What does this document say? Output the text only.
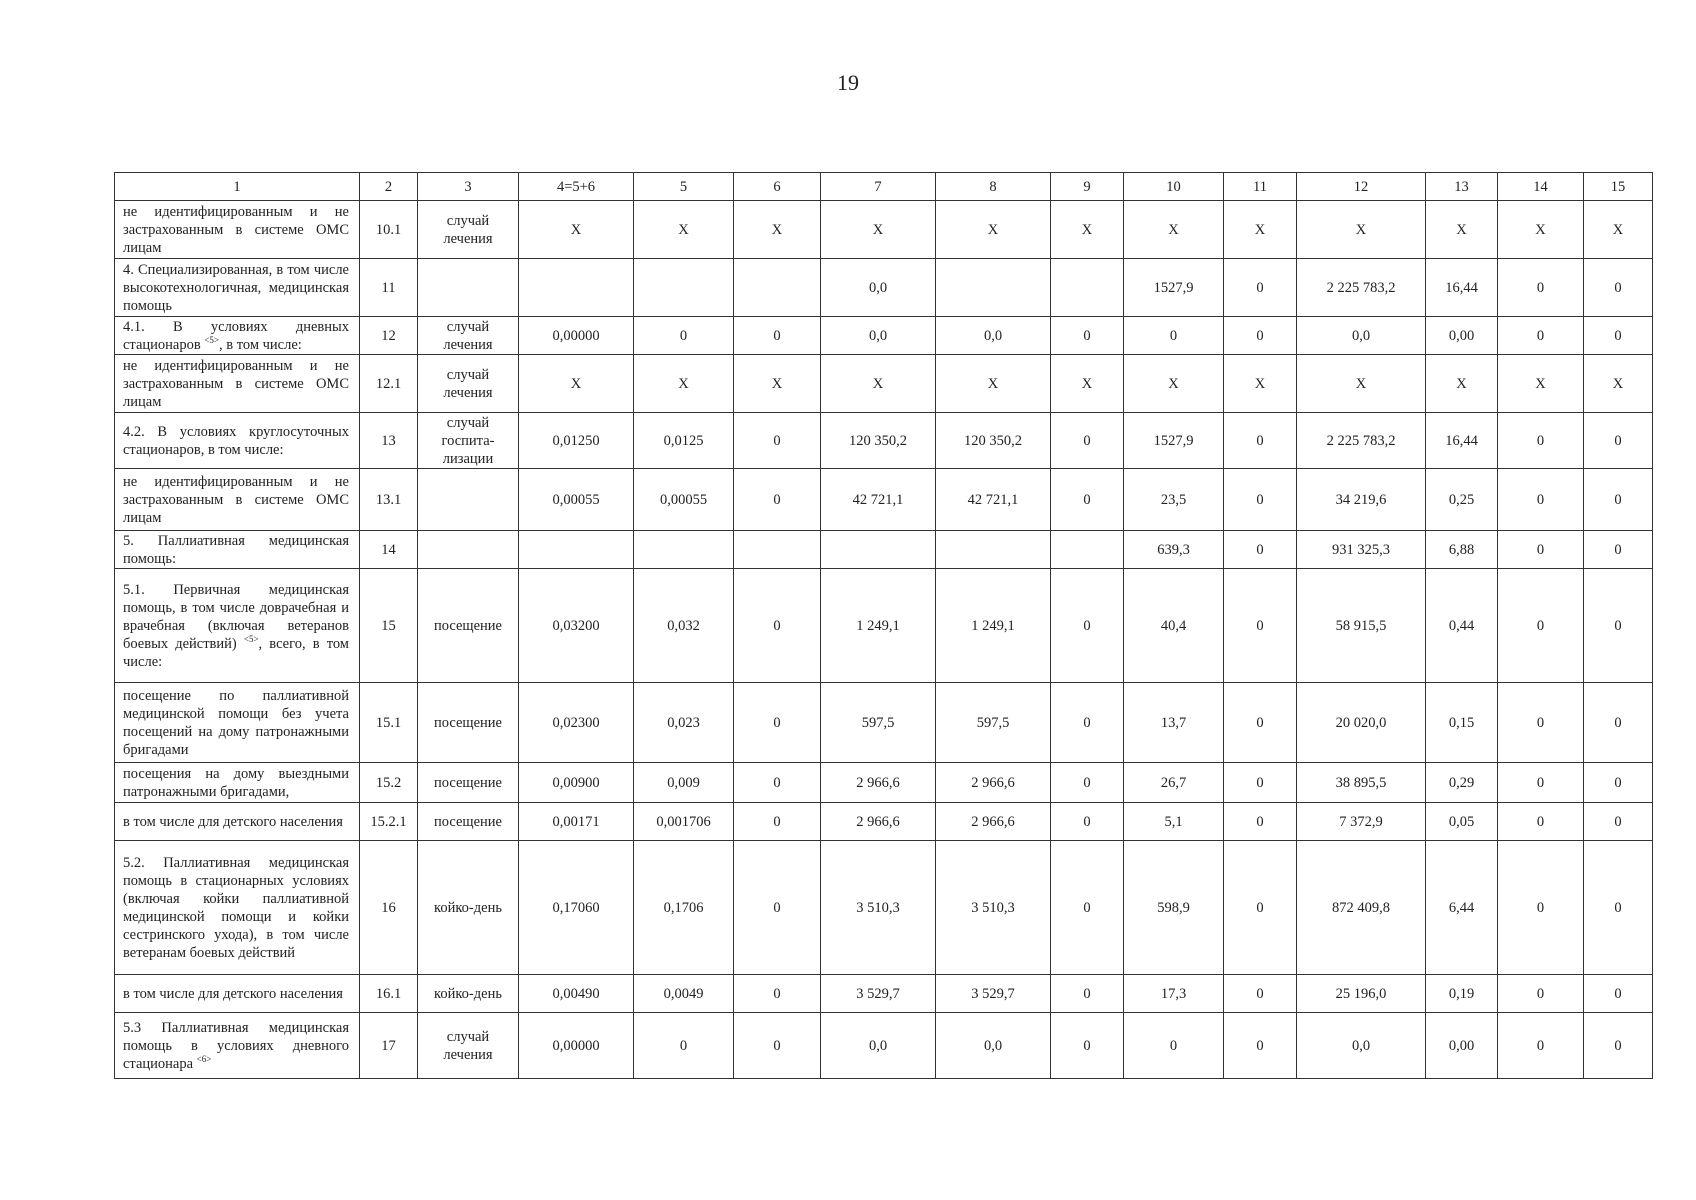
19
1	2	3	4=5+6	5	6	7	8	9	10	11	12	13	14	15
не идентифицированным и не застрахованным в системе ОМС лицам	10.1	случай лечения	X	X	X	X	X	X	X	X	X	X	X	X
4. Специализированная, в том числе высокотехнологичная, медицинская помощь	11					0,0			1527,9	0	2 225 783,2	16,44	0	0
4.1. В условиях дневных стационаров $^{<5>}$, в том числе:	12	случай лечения	0,00000	0	0	0,0	0,0	0	0	0	0,0	0,00	0	0
не идентифицированным и не застрахованным в системе ОМС лицам	12.1	случай лечения	X	X	X	X	X	X	X	X	X	X	X	X
4.2. В условиях круглосуточных стационаров, в том числе:	13	случай госпита-лизации	0,01250	0,0125	0	120 350,2	120 350,2	0	1527,9	0	2 225 783,2	16,44	0	0
не идентифицированным и не застрахованным в системе ОМС лицам	13.1		0,00055	0,00055	0	42 721,1	42 721,1	0	23,5	0	34 219,6	0,25	0	0
5. Паллиативная медицинская помощь:	14								639,3	0	931 325,3	6,88	0	0
5.1. Первичная медицинская помощь, в том числе доврачебная и врачебная (включая ветеранов боевых действий) $^{<5>}$, всего, в том числе:	15	посещение	0,03200	0,032	0	1 249,1	1 249,1	0	40,4	0	58 915,5	0,44	0	0
посещение по паллиативной медицинской помощи без учета посещений на дому патронажными бригадами	15.1	посещение	0,02300	0,023	0	597,5	597,5	0	13,7	0	20 020,0	0,15	0	0
посещения на дому выездными патронажными бригадами,	15.2	посещение	0,00900	0,009	0	2 966,6	2 966,6	0	26,7	0	38 895,5	0,29	0	0
в том числе для детского населения	15.2.1	посещение	0,00171	0,001706	0	2 966,6	2 966,6	0	5,1	0	7 372,9	0,05	0	0
5.2. Паллиативная медицинская помощь в стационарных условиях (включая койки паллиативной медицинской помощи и койки сестринского ухода), в том числе ветеранам боевых действий	16	койко-день	0,17060	0,1706	0	3 510,3	3 510,3	0	598,9	0	872 409,8	6,44	0	0
в том числе для детского населения	16.1	койко-день	0,00490	0,0049	0	3 529,7	3 529,7	0	17,3	0	25 196,0	0,19	0	0
5.3 Паллиативная медицинская помощь в условиях дневного стационара $^{<6>}$	17	случай лечения	0,00000	0	0	0,0	0,0	0	0	0	0,0	0,00	0	0
